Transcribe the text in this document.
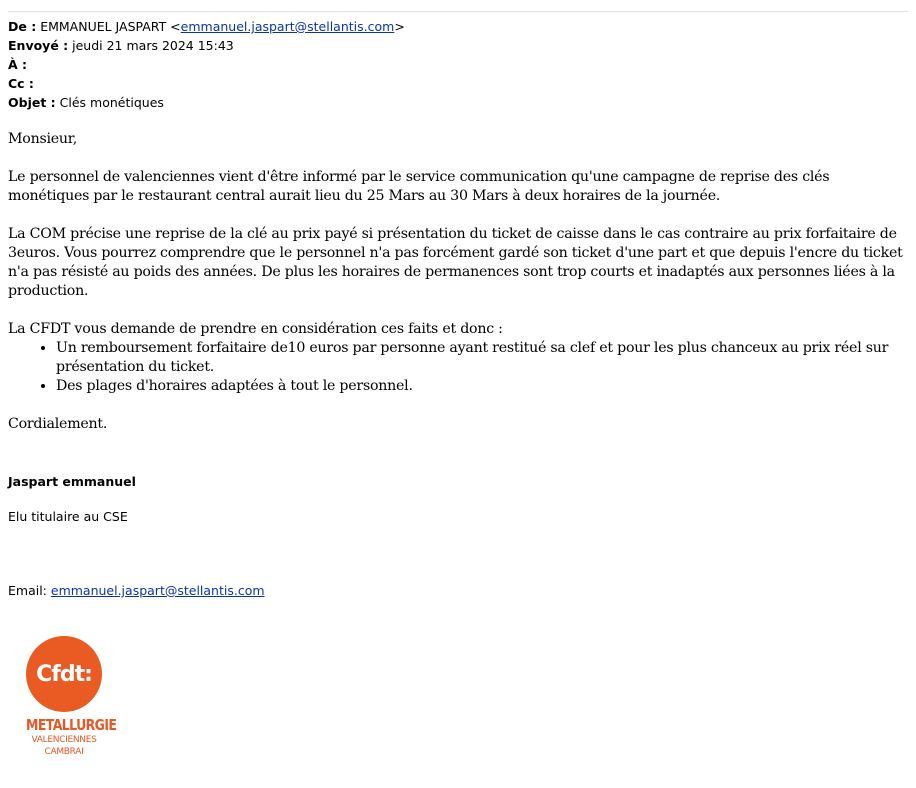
De : EMMANUEL JASPART <emmanuel.jaspart@stellantis.com>
Envoyé : jeudi 21 mars 2024 15:43
À :
Cc :
Objet : Clés monétiques

Monsieur,

Le personnel de valenciennes vient d'être informé par le service communication qu'une campagne de reprise des clés monétiques par le restaurant central aurait lieu du 25 Mars au 30 Mars à deux horaires de la journée.

La COM précise une reprise de la clé au prix payé si présentation du ticket de caisse dans le cas contraire au prix forfaitaire de 3euros. Vous pourrez comprendre que le personnel n'a pas forcément gardé son ticket d'une part et que depuis l'encre du ticket n'a pas résisté au poids des années. De plus les horaires de permanences sont trop courts et inadaptés aux personnes liées à la production.

La CFDT vous demande de prendre en considération ces faits et donc :

• Un remboursement forfaitaire de10 euros par personne ayant restitué sa clef et pour les plus chanceux au prix réel sur présentation du ticket.
• Des plages d'horaires adaptées à tout le personnel.

Cordialement.

Jaspart emmanuel
Elu titulaire au CSE
Email: emmanuel.jaspart@stellantis.com
Cfdt:
METALLURGIE
VALENCIENNES
CAMBRAI
